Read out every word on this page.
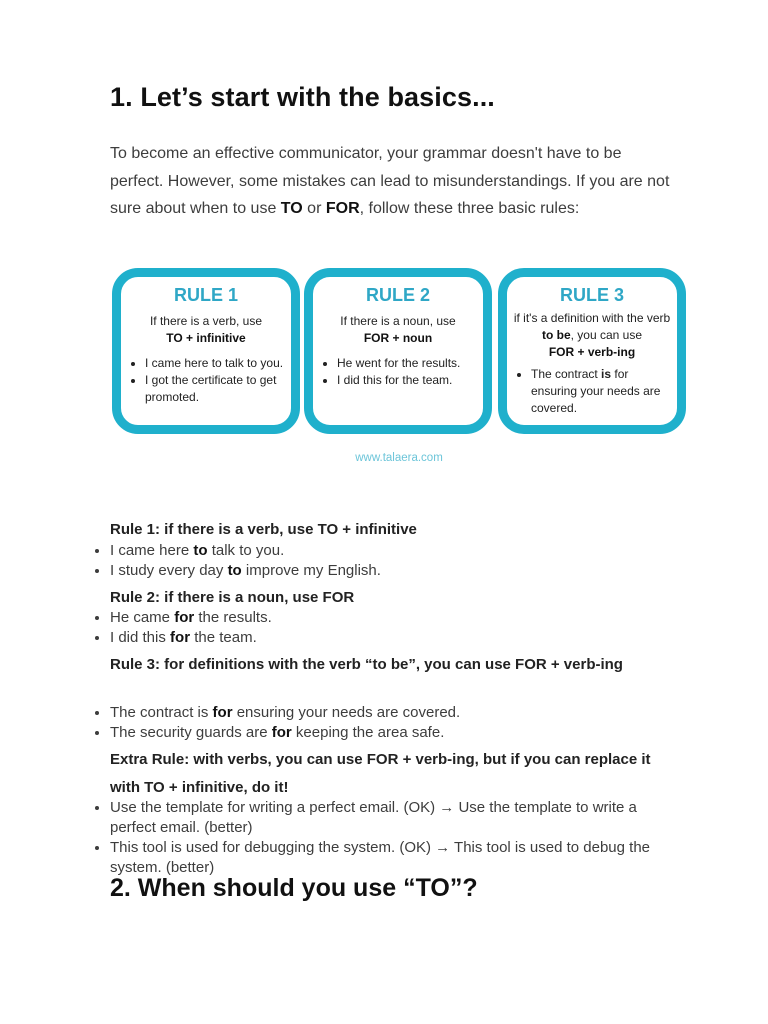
1. Let’s start with the basics...

To become an effective communicator, your grammar doesn't have to be perfect. However, some mistakes can lead to misunderstandings. If you are not sure about when to use TO or FOR, follow these three basic rules:

RULE 1
If there is a verb, use
TO + infinitive
• I came here to talk to you.
• I got the certificate to get promoted.
RULE 2
If there is a noun, use
FOR + noun
• He went for the results.
• I did this for the team.
RULE 3
if it's a definition with the verb to be, you can use
FOR + verb-ing
• The contract is for ensuring your needs are covered.
www.talaera.com

Rule 1: if there is a verb, use TO + infinitive

• I came here to talk to you.
• I study every day to improve my English.

Rule 2: if there is a noun, use FOR

• He came for the results.
• I did this for the team.

Rule 3: for definitions with the verb “to be”, you can use FOR + verb-ing

• The contract is for ensuring your needs are covered.
• The security guards are for keeping the area safe.

Extra Rule: with verbs, you can use FOR + verb-ing, but if you can replace it with TO + infinitive, do it!

• Use the template for writing a perfect email. (OK) → Use the template to write a perfect email. (better)
• This tool is used for debugging the system. (OK) → This tool is used to debug the system. (better)
2. When should you use “TO”?
